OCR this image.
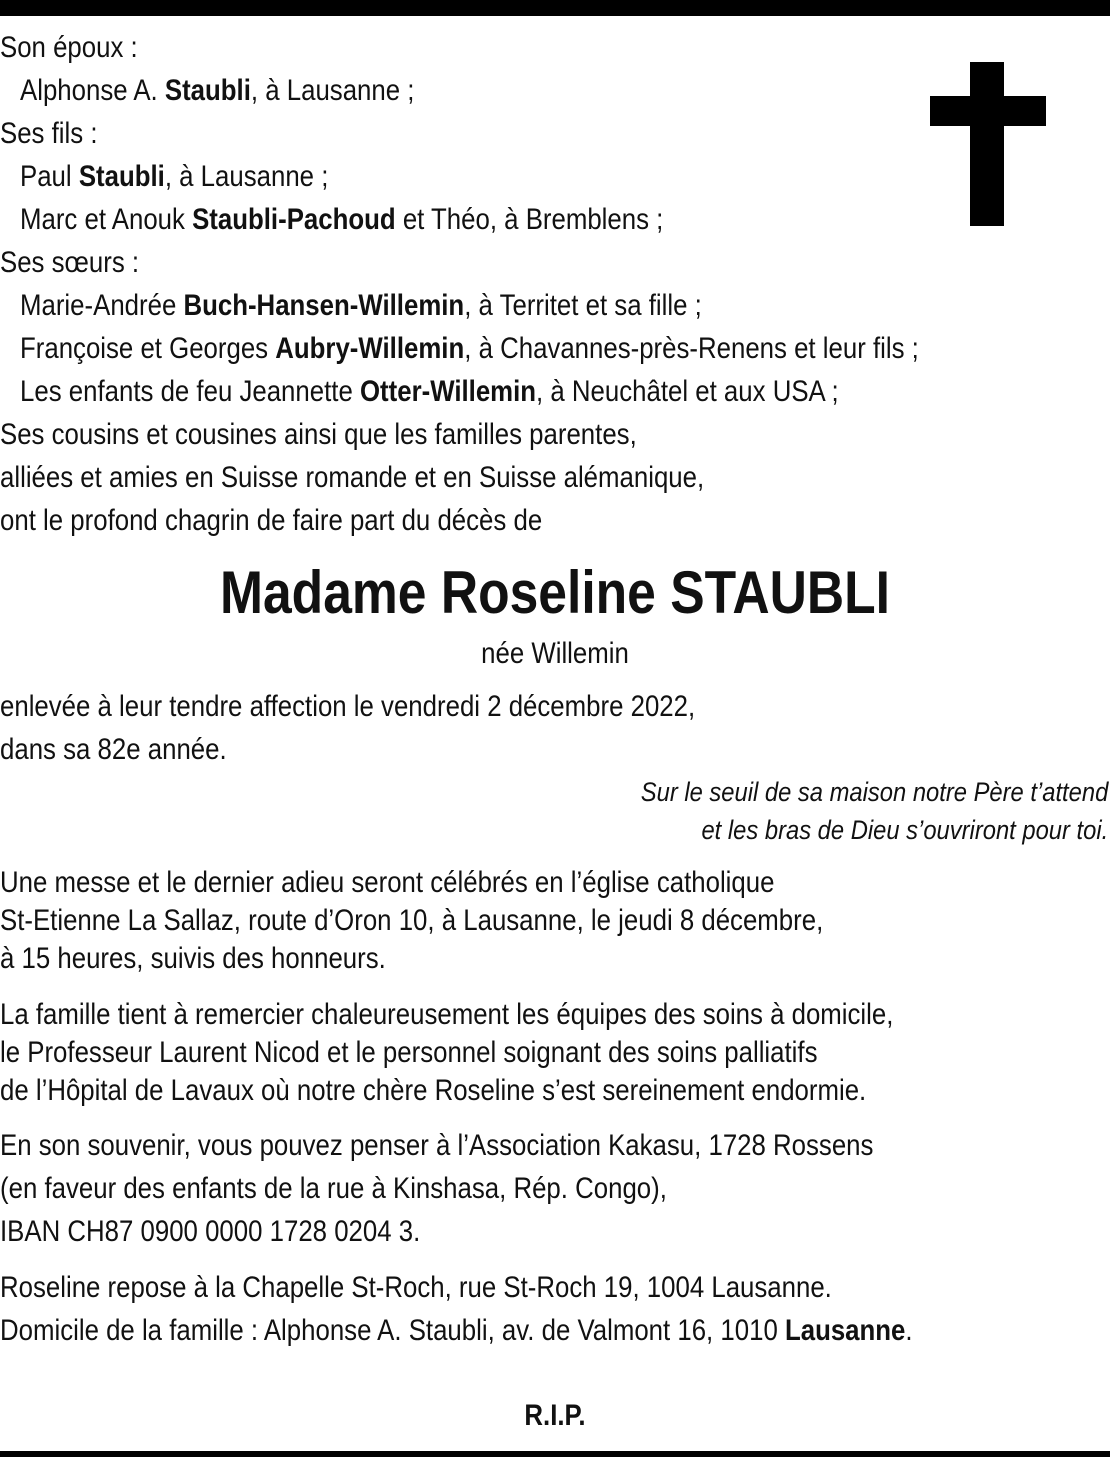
Son époux :
Alphonse A. Staubli, à Lausanne ;
Ses fils :
Paul Staubli, à Lausanne ;
Marc et Anouk Staubli-Pachoud et Théo, à Bremblens ;
Ses sœurs :
Marie-Andrée Buch-Hansen-Willemin, à Territet et sa fille ;
Françoise et Georges Aubry-Willemin, à Chavannes-près-Renens et leur fils ;
Les enfants de feu Jeannette Otter-Willemin, à Neuchâtel et aux USA ;
Ses cousins et cousines ainsi que les familles parentes,
alliées et amies en Suisse romande et en Suisse alémanique,
ont le profond chagrin de faire part du décès de
Madame Roseline STAUBLI
née Willemin
enlevée à leur tendre affection le vendredi 2 décembre 2022,
dans sa 82e année.
Sur le seuil de sa maison notre Père t’attend
et les bras de Dieu s’ouvriront pour toi.
Une messe et le dernier adieu seront célébrés en l’église catholique
St-Etienne La Sallaz, route d’Oron 10, à Lausanne, le jeudi 8 décembre,
à 15 heures, suivis des honneurs.
La famille tient à remercier chaleureusement les équipes des soins à domicile,
le Professeur Laurent Nicod et le personnel soignant des soins palliatifs
de l’Hôpital de Lavaux où notre chère Roseline s’est sereinement endormie.
En son souvenir, vous pouvez penser à l’Association Kakasu, 1728 Rossens
(en faveur des enfants de la rue à Kinshasa, Rép. Congo),
IBAN CH87 0900 0000 1728 0204 3.
Roseline repose à la Chapelle St-Roch, rue St-Roch 19, 1004 Lausanne.
Domicile de la famille : Alphonse A. Staubli, av. de Valmont 16, 1010 Lausanne.
R.I.P.
